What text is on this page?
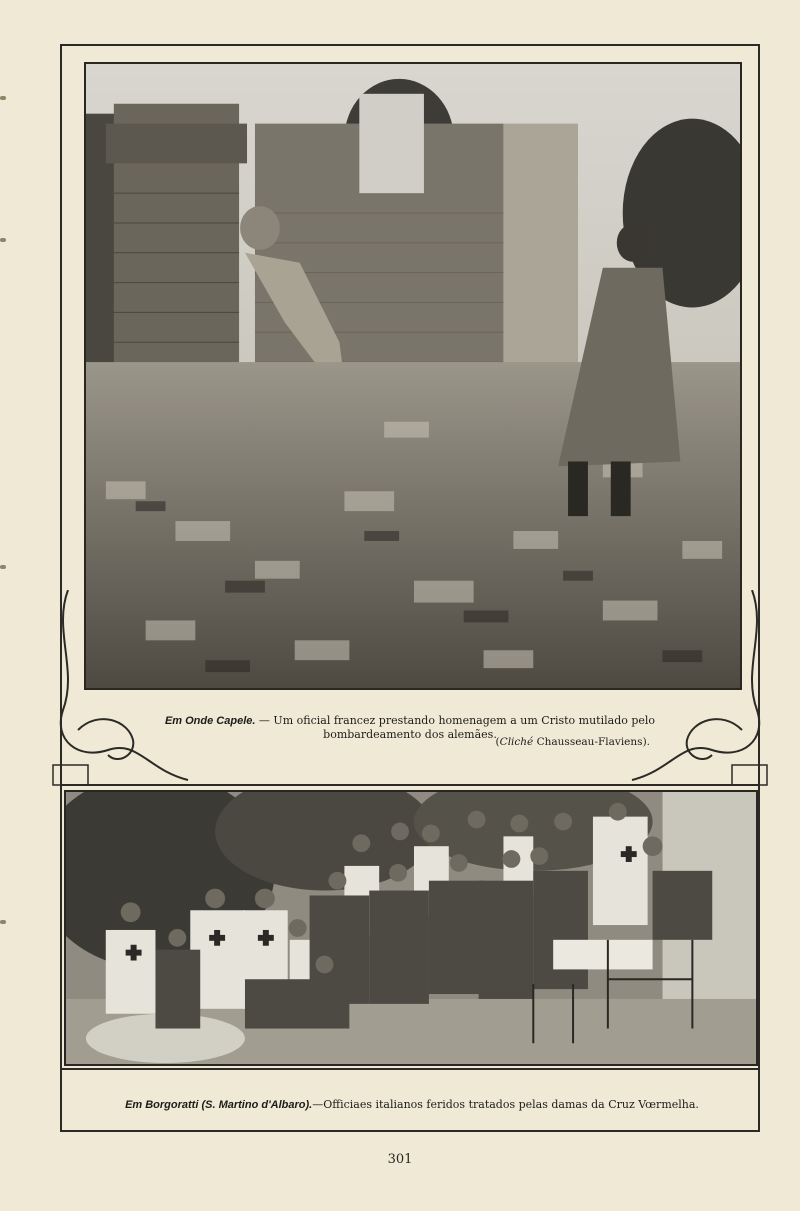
Em Onde Capele. — Um oficial francez prestando homenagem a um Cristo mutilado pelo bombardeamento dos alemães.
(Cliché Chausseau-Flaviens).
Em Borgoratti (S. Martino d'Albaro).—Officiaes italianos feridos tratados pelas damas da Cruz Vœrmelha.
301
